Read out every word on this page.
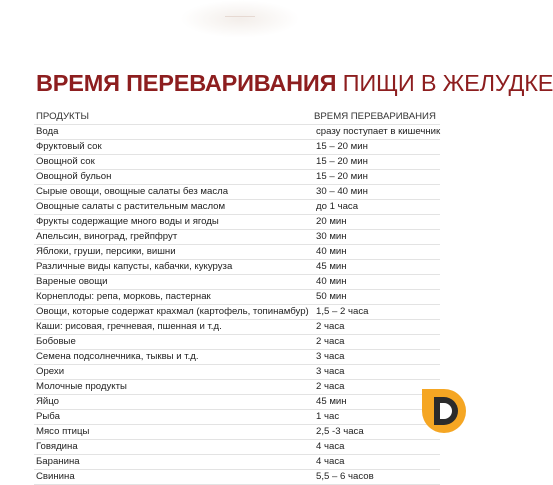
ВРЕМЯ ПЕРЕВАРИВАНИЯ ПИЩИ В ЖЕЛУДКЕ
ПРОДУКТЫ	ВРЕМЯ ПЕРЕВАРИВАНИЯ
Вода	сразу поступает в кишечник
Фруктовый сок	15 – 20 мин
Овощной сок	15 – 20 мин
Овощной бульон	15 – 20 мин
Сырые овощи, овощные салаты без масла	30 – 40 мин
Овощные салаты с растительным маслом	до 1 часа
Фрукты содержащие много воды и ягоды	20 мин
Апельсин, виноград, грейпфрут	30 мин
Яблоки, груши, персики, вишни	40 мин
Различные виды капусты, кабачки, кукуруза	45 мин
Вареные овощи	40 мин
Корнеплоды: репа, морковь, пастернак	50 мин
Овощи, которые содержат крахмал (картофель, топинамбур)	1,5 – 2 часа
Каши: рисовая, гречневая, пшенная и т.д.	2 часа
Бобовые	2 часа
Семена подсолнечника, тыквы и т.д.	3 часа
Орехи	3 часа
Молочные продукты	2 часа
Яйцо	45 мин
Рыба	1 час
Мясо птицы	2,5 -3 часа
Говядина	4 часа
Баранина	4 часа
Свинина	5,5 – 6 часов
